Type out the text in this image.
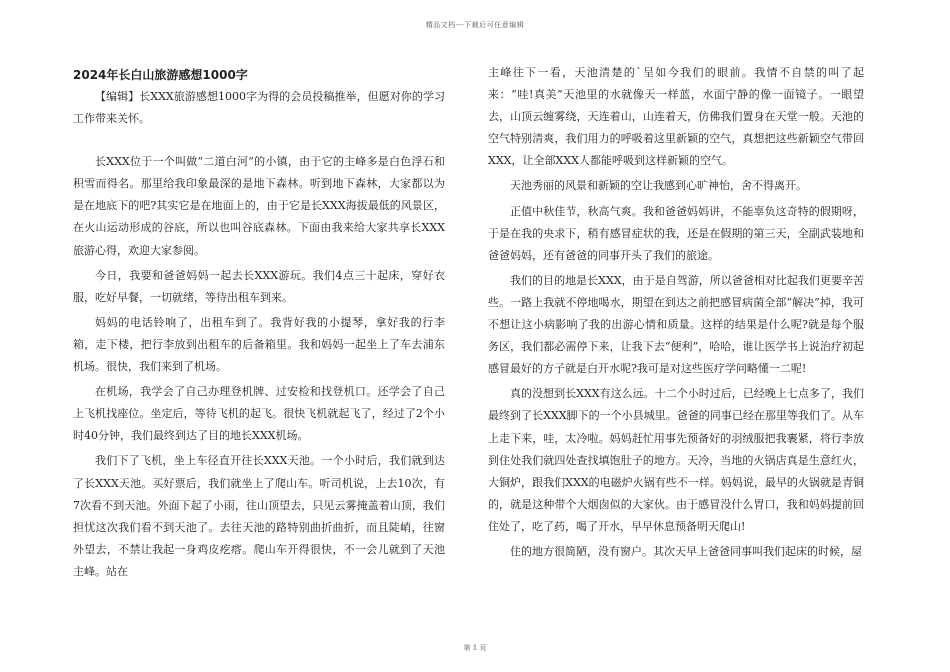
精品文档---下载后可任意编辑
2024年长白山旅游感想1000字

【编辑】长XXX旅游感想1000字为得的会员投稿推举，但愿对你的学习工作带来关怀。

长XXX位于一个叫做“二道白河”的小镇，由于它的主峰多是白色浮石和积雪而得名。那里给我印象最深的是地下森林。听到地下森林，大家都以为是在地底下的吧?其实它是在地面上的，由于它是长XXX海拔最低的风景区，在火山运动形成的谷底，所以也叫谷底森林。下面由我来给大家共享长XXX旅游心得，欢迎大家参阅。

今日，我要和爸爸妈妈一起去长XXX游玩。我们4点三十起床，穿好衣服，吃好早餐，一切就绪，等待出租车到来。

妈妈的电话铃响了，出租车到了。我背好我的小提琴，拿好我的行李箱，走下楼，把行李放到出租车的后备箱里。我和妈妈一起坐上了车去浦东机场。很快，我们来到了机场。

在机场，我学会了自己办理登机牌、过安检和找登机口。还学会了自己上飞机找座位。坐定后，等待飞机的起飞。很快飞机就起飞了，经过了2个小时40分钟，我们最终到达了目的地长XXX机场。

我们下了飞机，坐上车径直开往长XXX天池。一个小时后，我们就到达了长XXX天池。买好票后，我们就坐上了爬山车。听司机说，上去10次，有7次看不到天池。外面下起了小雨，往山顶望去，只见云雾掩盖着山顶，我们担忧这次我们看不到天池了。去往天池的路特别曲折曲折，而且陡峭，往窗外望去，不禁让我起一身鸡皮疙瘩。爬山车开得很快，不一会儿就到了天池主峰。站在

主峰往下一看，天池清楚的`呈如今我们的眼前。我情不自禁的叫了起来：“哇!真美”天池里的水就像天一样蓝，水面宁静的像一面镜子。一眼望去，山顶云缠雾绕，天连着山，山连着天，仿佛我们置身在天堂一般。天池的空气特别清爽，我们用力的呼吸着这里新颖的空气，真想把这些新颖空气带回XXX，让全部XXX人都能呼吸到这样新颖的空气。

天池秀丽的风景和新颖的空让我感到心旷神怡，舍不得离开。

正值中秋佳节，秋高气爽。我和爸爸妈妈讲，不能辜负这奇特的假期呀，于是在我的央求下，稍有感冒症状的我，还是在假期的第三天，全副武装地和爸爸妈妈，还有爸爸的同事开头了我们的旅途。

我们的目的地是长XXX，由于是自驾游，所以爸爸相对比起我们更要辛苦些。一路上我就不停地喝水，期望在到达之前把感冒病菌全部“解决”掉，我可不想让这小病影响了我的出游心情和质量。这样的结果是什么呢?就是每个服务区，我们都必需停下来，让我下去“便利”，哈哈，谁让医学书上说治疗初起感冒最好的方子就是白开水呢?我可是对这些医疗学问略懂一二呢!

真的没想到长XXX有这么远。十二个小时过后，已经晚上七点多了，我们最终到了长XXX脚下的一个小县城里。爸爸的同事已经在那里等我们了。从车上走下来，哇，太冷啦。妈妈赶忙用事先预备好的羽绒服把我裹紧，将行李放到住处我们就四处查找填饱肚子的地方。天冷，当地的火锅店真是生意红火，大铜炉，跟我们XXX的电磁炉火锅有些不一样。妈妈说，最早的火锅就是青铜的，就是这种带个大烟囱似的大家伙。由于感冒没什么胃口，我和妈妈提前回住处了，吃了药，喝了开水，早早休息预备明天爬山!

住的地方很简陋，没有窗户。其次天早上爸爸同事叫我们起床的时候，屋

第 1 页
